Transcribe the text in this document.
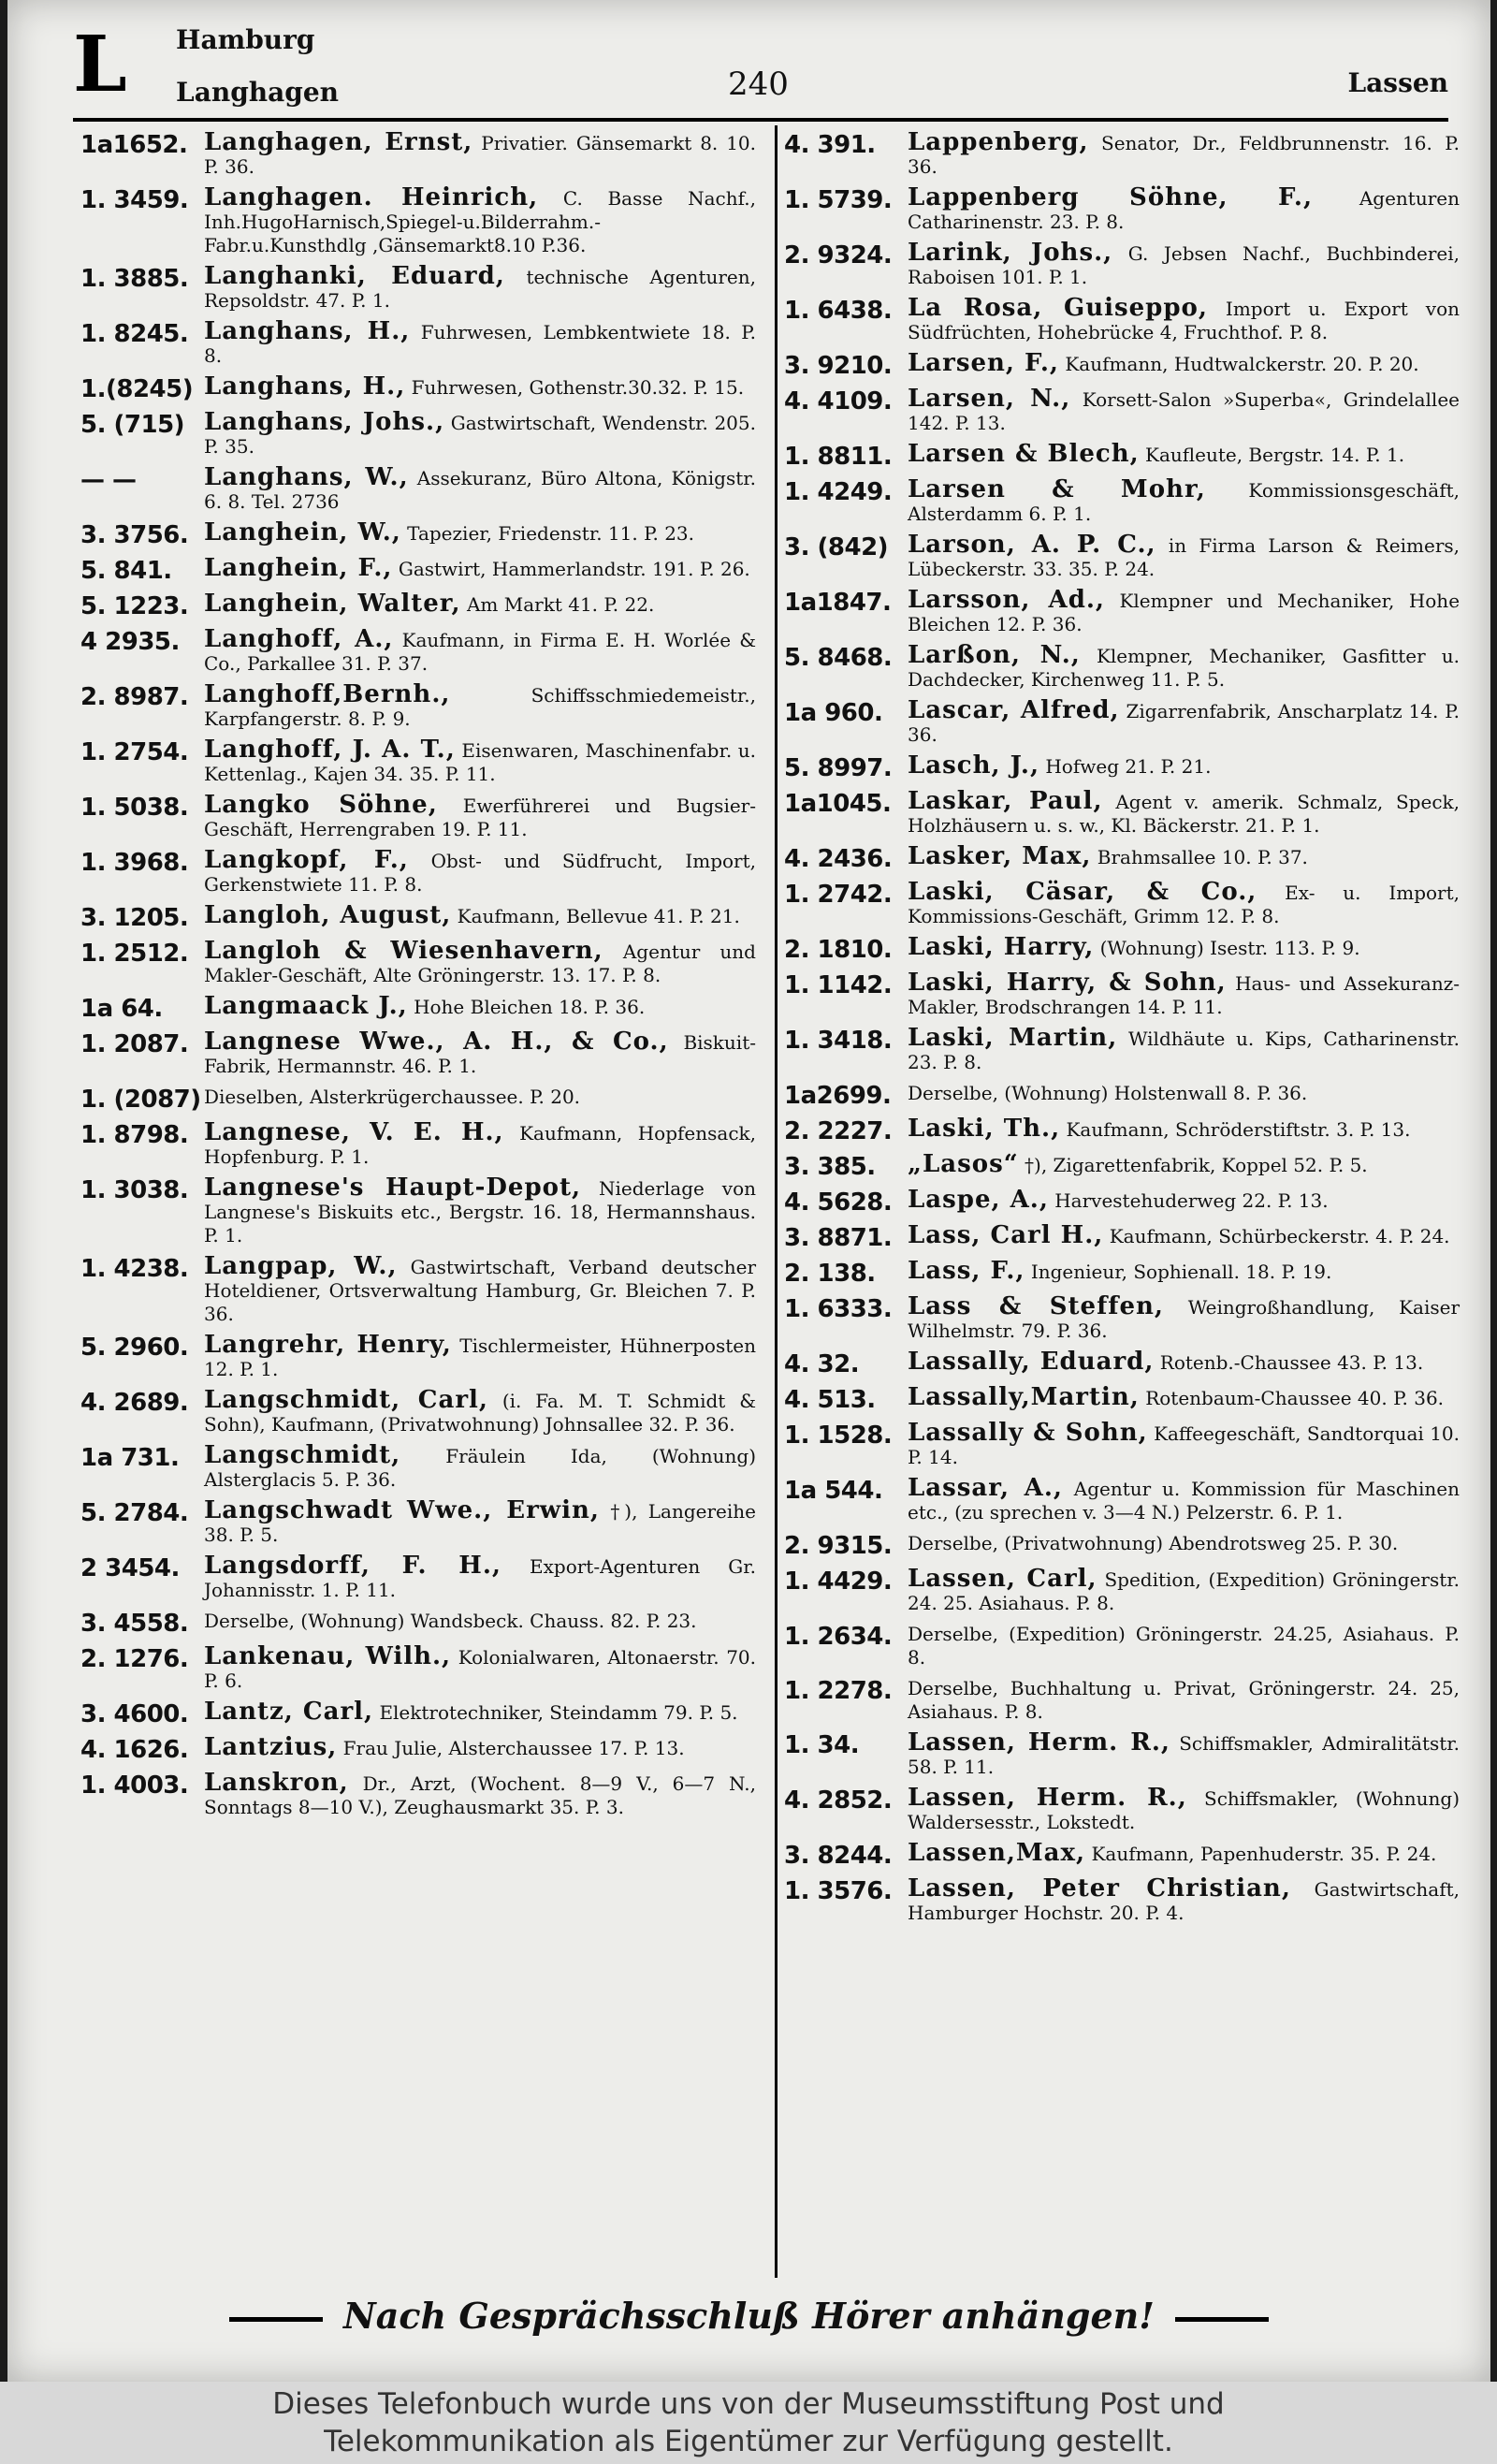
L Hamburg
Langhagen	240	Lassen
1a1652. Langhagen, Ernst, Privatier. Gänsemarkt 8. 10. P. 36.
1. 3459. Langhagen. Heinrich, C. Basse Nachf., Inh.HugoHarnisch,Spiegel-u.Bilderrahm.-Fabr.u.Kunsthdlg ,Gänsemarkt8.10 P.36.
1. 3885. Langhanki, Eduard, technische Agenturen, Repsoldstr. 47. P. 1.
1. 8245. Langhans, H., Fuhrwesen, Lembkentwiete 18. P. 8.
1.(8245) Langhans, H., Fuhrwesen, Gothenstr.30.32. P. 15.
5. (715) Langhans, Johs., Gastwirtschaft, Wendenstr. 205. P. 35.
— —	Langhans, W., Assekuranz, Büro Altona, Königstr. 6. 8. Tel. 2736
3. 3756. Langhein, W., Tapezier, Friedenstr. 11. P. 23.
5. 841.	Langhein, F., Gastwirt, Hammerlandstr. 191. P. 26.
5. 1223. Langhein, Walter, Am Markt 41. P. 22.
4 2935.	Langhoff, A., Kaufmann, in Firma E. H. Worlée & Co., Parkallee 31. P. 37.
2. 8987. Langhoff,Bernh.,	Schiffsschmiedemeistr., Karpfangerstr. 8. P. 9.
1. 2754. Langhoff, J. A. T., Eisenwaren, Maschinenfabr. u. Kettenlag., Kajen 34. 35. P. 11.
1. 5038. Langko Söhne, Ewerführerei und Bugsier-Geschäft, Herrengraben 19. P. 11.
1. 3968. Langkopf, F., Obst- und Südfrucht, Import, Gerkenstwiete 11. P. 8.
3. 1205. Langloh, August, Kaufmann, Bellevue 41. P. 21.
1. 2512. Langloh & Wiesenhavern, Agentur und Makler-Geschäft, Alte Gröningerstr. 13. 17. P. 8.
1a 64.	Langmaack J., Hohe Bleichen 18. P. 36.
1. 2087. Langnese Wwe., A. H., & Co., Biskuit-Fabrik, Hermannstr. 46. P. 1.
1. (2087) Dieselben, Alsterkrügerchaussee. P. 20.
1. 8798. Langnese, V. E. H., Kaufmann, Hopfensack, Hopfenburg. P. 1.
1. 3038. Langnese's Haupt-Depot, Niederlage von Langnese's Biskuits etc., Bergstr. 16. 18, Hermannshaus. P. 1.
1. 4238. Langpap, W., Gastwirtschaft, Verband deutscher Hoteldiener, Ortsverwaltung Hamburg, Gr. Bleichen 7. P. 36.
5. 2960. Langrehr, Henry, Tischlermeister, Hühnerposten 12. P. 1.
4. 2689. Langschmidt, Carl, (i. Fa. M. T. Schmidt & Sohn), Kaufmann, (Privatwohnung) Johnsallee 32. P. 36.
1a 731.	Langschmidt, Fräulein Ida, (Wohnung) Alsterglacis 5. P. 36.
5. 2784. Langschwadt Wwe., Erwin, †), Langereihe 38. P. 5.
2 3454.	Langsdorff, F. H., Export-Agenturen Gr. Johannisstr. 1. P. 11.
3. 4558. Derselbe, (Wohnung) Wandsbeck. Chauss. 82. P. 23.
2. 1276. Lankenau, Wilh., Kolonialwaren, Altonaerstr. 70. P. 6.
3. 4600. Lantz, Carl, Elektrotechniker, Steindamm 79. P. 5.
4. 1626. Lantzius, Frau Julie, Alsterchaussee 17. P. 13.
1. 4003. Lanskron, Dr., Arzt, (Wochent. 8—9 V., 6—7 N., Sonntags 8—10 V.), Zeughausmarkt 35. P. 3.
4. 391.	Lappenberg, Senator, Dr., Feldbrunnenstr. 16. P. 36.
1. 5739. Lappenberg Söhne, F., Agenturen Catharinenstr. 23. P. 8.
2. 9324. Larink, Johs., G. Jebsen Nachf., Buchbinderei, Raboisen 101. P. 1.
1. 6438. La Rosa, Guiseppo, Import u. Export von Südfrüchten, Hohebrücke 4, Fruchthof. P. 8.
3. 9210. Larsen, F., Kaufmann, Hudtwalckerstr. 20. P. 20.
4. 4109. Larsen, N., Korsett-Salon »Superba«, Grindelallee 142. P. 13.
1. 8811. Larsen & Blech, Kaufleute, Bergstr. 14. P. 1.
1. 4249. Larsen & Mohr, Kommissionsgeschäft, Alsterdamm 6. P. 1.
3. (842) Larson, A. P. C., in Firma Larson & Reimers, Lübeckerstr. 33. 35. P. 24.
1a1847. Larsson, Ad., Klempner und Mechaniker, Hohe Bleichen 12. P. 36.
5. 8468. Larßon, N., Klempner, Mechaniker, Gasfitter u. Dachdecker, Kirchenweg 11. P. 5.
1a 960.	Lascar, Alfred, Zigarrenfabrik, Anscharplatz 14. P. 36.
5. 8997. Lasch, J., Hofweg 21. P. 21.
1a1045. Laskar, Paul, Agent v. amerik. Schmalz, Speck, Holzhäusern u. s. w., Kl. Bäckerstr. 21. P. 1.
4. 2436. Lasker, Max, Brahmsallee 10. P. 37.
1. 2742. Laski, Cäsar, & Co., Ex- u. Import, Kommissions-Geschäft, Grimm 12. P. 8.
2. 1810. Laski, Harry, (Wohnung) Isestr. 113. P. 9.
1. 1142. Laski, Harry, & Sohn, Haus- und Assekuranz-Makler, Brodschrangen 14. P. 11.
1. 3418. Laski, Martin, Wildhäute u. Kips, Catharinenstr. 23. P. 8.
1a2699. Derselbe, (Wohnung) Holstenwall 8. P. 36.
2. 2227. Laski, Th., Kaufmann, Schröderstiftstr. 3. P. 13.
3. 385.	„Lasos“ †), Zigarettenfabrik, Koppel 52. P. 5.
4. 5628. Laspe, A., Harvestehuderweg 22. P. 13.
3. 8871. Lass, Carl H., Kaufmann, Schürbeckerstr. 4. P. 24.
2. 138.	Lass, F., Ingenieur, Sophienall. 18. P. 19.
1. 6333. Lass & Steffen, Weingroßhandlung, Kaiser Wilhelmstr. 79. P. 36.
4. 32.	Lassally, Eduard, Rotenb.-Chaussee 43. P. 13.
4. 513.	Lassally,Martin, Rotenbaum-Chaussee 40. P. 36.
1. 1528. Lassally & Sohn, Kaffeegeschäft, Sandtorquai 10. P. 14.
1a 544.	Lassar, A., Agentur u. Kommission für Maschinen etc., (zu sprechen v. 3—4 N.) Pelzerstr. 6. P. 1.
2. 9315. Derselbe, (Privatwohnung) Abendrotsweg 25. P. 30.
1. 4429. Lassen, Carl, Spedition, (Expedition) Gröningerstr. 24. 25. Asiahaus. P. 8.
1. 2634. Derselbe, (Expedition) Gröningerstr. 24.25, Asiahaus. P. 8.
1. 2278. Derselbe, Buchhaltung u. Privat, Gröningerstr. 24. 25, Asiahaus. P. 8.
1. 34.	Lassen, Herm. R., Schiffsmakler, Admiralitätstr. 58. P. 11.
4. 2852. Lassen, Herm. R., Schiffsmakler, (Wohnung) Waldersesstr., Lokstedt.
3. 8244. Lassen,Max, Kaufmann, Papenhuderstr. 35. P. 24.
1. 3576. Lassen, Peter Christian, Gastwirtschaft, Hamburger Hochstr. 20. P. 4.
Nach Gesprächsschluß Hörer anhängen!
Dieses Telefonbuch wurde uns von der Museumsstiftung Post und
Telekommunikation als Eigentümer zur Verfügung gestellt.
